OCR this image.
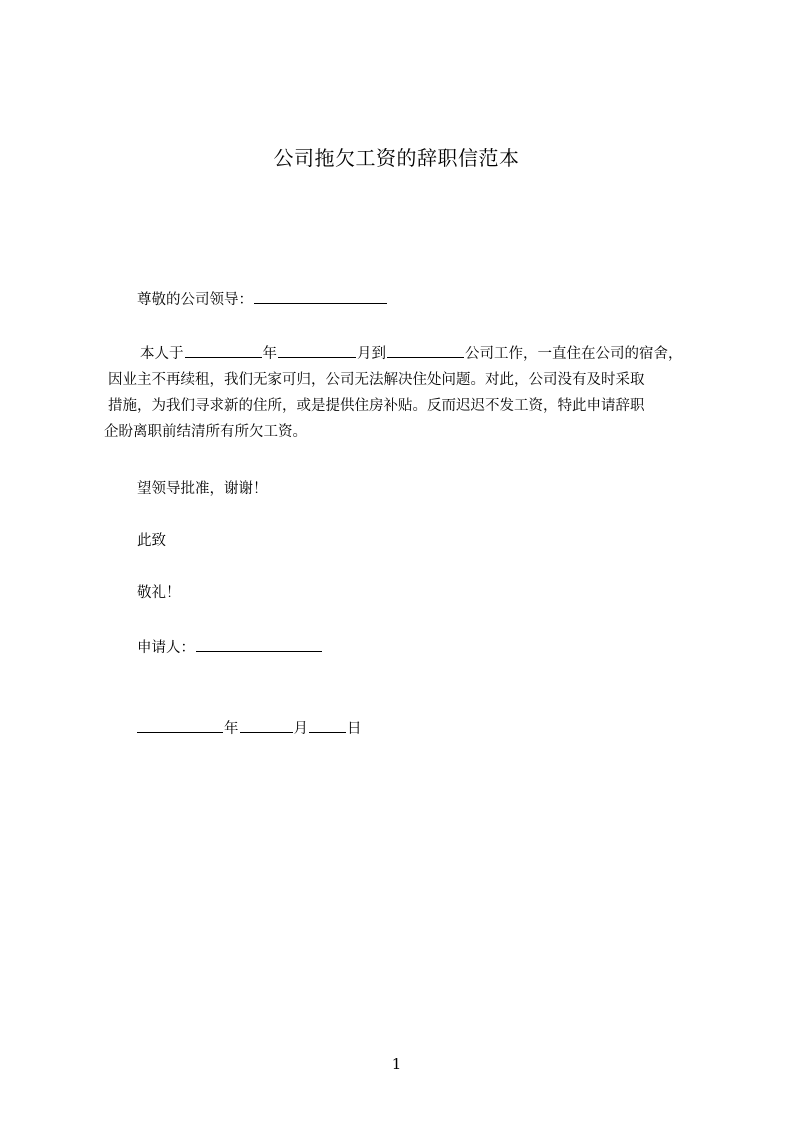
公司拖欠工资的辞职信范本
尊敬的公司领导：
本人于	年	月到	公司工作，一直住在公司的宿舍，
因业主不再续租，我们无家可归，公司无法解决住处问题。对此，公司没有及时采取
措施，为我们寻求新的住所，或是提供住房补贴。反而迟迟不发工资，特此申请辞职
企盼离职前结清所有所欠工资。
望领导批准，谢谢！
此致
敬礼！
申请人：
年	月	日
1
